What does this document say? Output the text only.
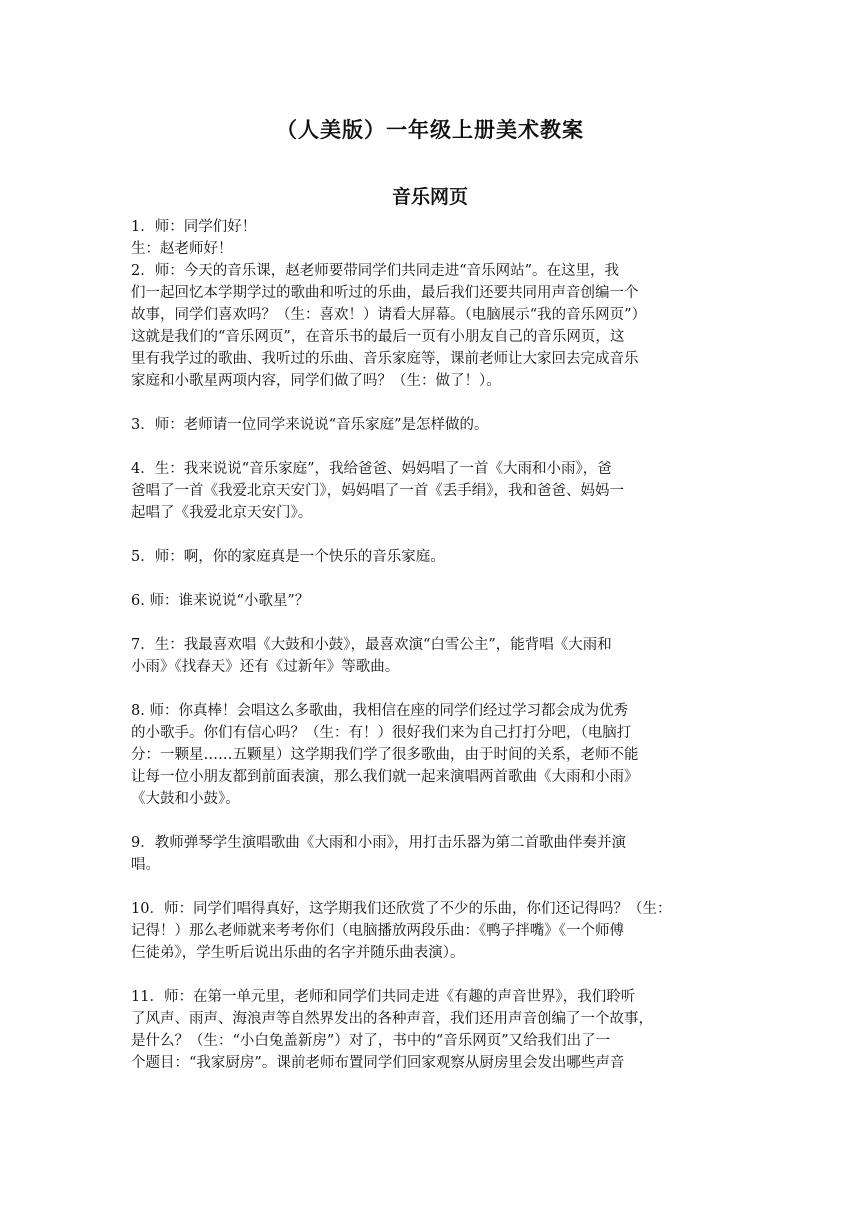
（人美版）一年级上册美术教案
音乐网页

1．师：同学们好！

生：赵老师好！

2．师：今天的音乐课，赵老师要带同学们共同走进“音乐网站”。在这里，我
们一起回忆本学期学过的歌曲和听过的乐曲，最后我们还要共同用声音创编一个
故事，同学们喜欢吗？（生：喜欢！）请看大屏幕。（电脑展示“我的音乐网页”）
这就是我们的“音乐网页”，在音乐书的最后一页有小朋友自己的音乐网页，这
里有我学过的歌曲、我听过的乐曲、音乐家庭等，课前老师让大家回去完成音乐
家庭和小歌星两项内容，同学们做了吗？（生：做了！）。

3．师：老师请一位同学来说说“音乐家庭”是怎样做的。

4．生：我来说说“音乐家庭”，我给爸爸、妈妈唱了一首《大雨和小雨》，爸
爸唱了一首《我爱北京天安门》，妈妈唱了一首《丢手绢》，我和爸爸、妈妈一
起唱了《我爱北京天安门》。

5．师：啊，你的家庭真是一个快乐的音乐家庭。

6. 师：谁来说说“小歌星”？

7．生：我最喜欢唱《大鼓和小鼓》，最喜欢演“白雪公主”，能背唱《大雨和
小雨》《找春天》还有《过新年》等歌曲。

8. 师：你真棒！会唱这么多歌曲，我相信在座的同学们经过学习都会成为优秀
的小歌手。你们有信心吗？（生：有！）很好我们来为自己打打分吧，（电脑打
分：一颗星……五颗星）这学期我们学了很多歌曲，由于时间的关系，老师不能
让每一位小朋友都到前面表演，那么我们就一起来演唱两首歌曲《大雨和小雨》
《大鼓和小鼓》。

9．教师弹琴学生演唱歌曲《大雨和小雨》，用打击乐器为第二首歌曲伴奏并演
唱。

10．师：同学们唱得真好，这学期我们还欣赏了不少的乐曲，你们还记得吗？（生：
记得！）那么老师就来考考你们（电脑播放两段乐曲：《鸭子拌嘴》《一个师傅
仨徒弟》，学生听后说出乐曲的名字并随乐曲表演）。

11．师：在第一单元里，老师和同学们共同走进《有趣的声音世界》，我们聆听
了风声、雨声、海浪声等自然界发出的各种声音，我们还用声音创编了一个故事，
是什么？（生：“小白兔盖新房”）对了，书中的“音乐网页”又给我们出了一
个题目：“我家厨房”。课前老师布置同学们回家观察从厨房里会发出哪些声音
